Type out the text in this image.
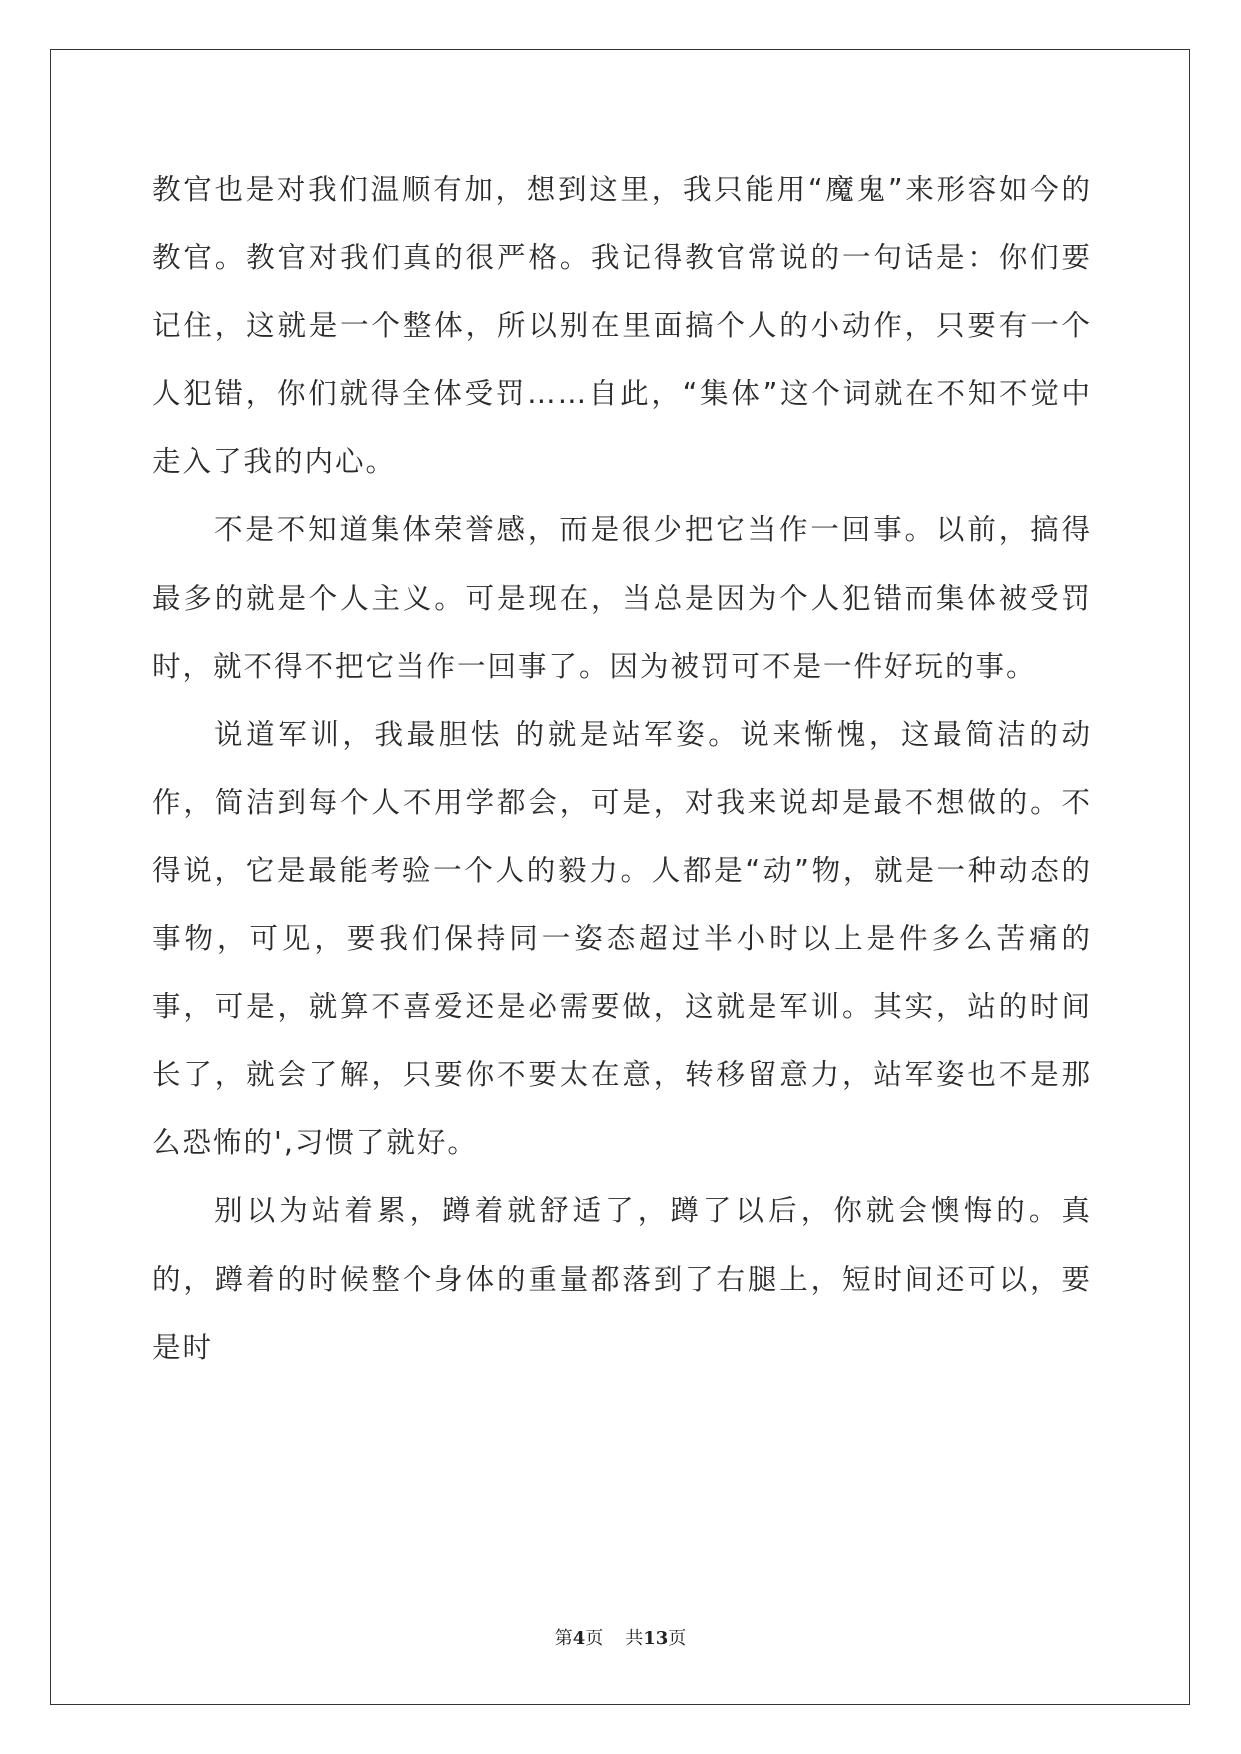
教官也是对我们温顺有加，想到这里，我只能用“魔鬼”来形容如今的教官。教官对我们真的很严格。我记得教官常说的一句话是：你们要记住，这就是一个整体，所以别在里面搞个人的小动作，只要有一个人犯错，你们就得全体受罚……自此，“集体”这个词就在不知不觉中走入了我的内心。

不是不知道集体荣誉感，而是很少把它当作一回事。以前，搞得最多的就是个人主义。可是现在，当总是因为个人犯错而集体被受罚时，就不得不把它当作一回事了。因为被罚可不是一件好玩的事。

说道军训，我最胆怯 的就是站军姿。说来惭愧，这最简洁的动作，简洁到每个人不用学都会，可是，对我来说却是最不想做的。不得说，它是最能考验一个人的毅力。人都是“动”物，就是一种动态的事物，可见，要我们保持同一姿态超过半小时以上是件多么苦痛的事，可是，就算不喜爱还是必需要做，这就是军训。其实，站的时间长了，就会了解，只要你不要太在意，转移留意力，站军姿也不是那么恐怖的',习惯了就好。

别以为站着累，蹲着就舒适了，蹲了以后，你就会懊悔的。真的，蹲着的时候整个身体的重量都落到了右腿上，短时间还可以，要是时

第4页 共13页
